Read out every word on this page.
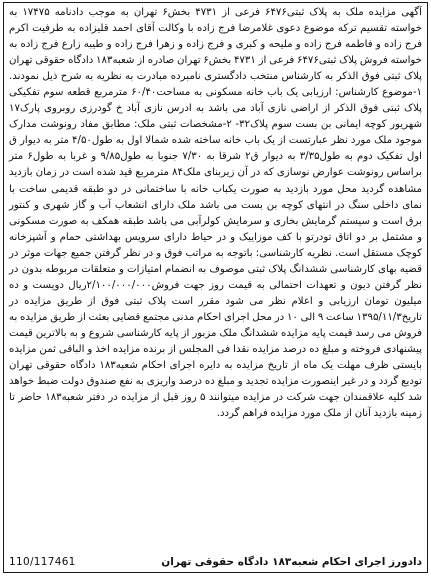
آگهی مزایده ملک به پلاک ثبتی۶۴۷۶ فرعی از ۴۷۳۱ بخش۶ تهران به موجب دادنامه ۱۷۴۷۵ به خواسته تقسیم ترکه موضوع دعوی غلامرضا فرج زاده با وکالت آقای احمد قلیزاده به طرفیت اکرم فرج زاده و فاطمه فرج زاده و ملیحه و کبری و فرج زاده و زهرا فرج زاده و طیبه زارع فرج زاده به خواسته فروش پلاک ثبتی۶۴۷۶ فرعی از ۴۷۳۱ بخش۶ تهران صادره از شعبه۱۸۳ دادگاه حقوقی تهران پلاک ثبتی فوق الذکر به کارشناس منتخب دادگستری نامبرده مبادرت به نظریه به شرح ذیل نمودند. ۱-موضوع کارشناس: ارزیابی یک باب خانه مسکونی به مساحت۶۰/۴۰ مترمربع قطعه سوم تفکیکی پلاک ثبتی فوق الذکر از اراضی نازی آباد می باشد به ادرس نازی آباد خ گودرزی روبروی پارک۱۷ شهریور کوچه ایمانی بن بست سوم پلاک۳۲- ۲-مشخصات ثبتی ملک: مطابق مفاد رونوشت مدارک موجود ملک مورد نظر عبارتست از یک باب خانه ساخته شده شمالا اول به طول۴/۵۰ متر به دیوار ق اول تفکیک دوم به طول۳/۳۵ به دیوار ق۲ شرقا به ۷/۳۰ جنوبا به طول۹/۸۵ و غربا به طول۶ متر براساس رونوشت عوارض نوسازی که در آن زیربنای ملک۸۴ مترمربع قید شده است در زمان بازدید مشاهده گردید محل مورد بازدید به صورت یکباب خانه با ساختمانی در دو طبقه قدیمی ساخت با نمای داخلی سنگ در انتهای کوچه بن بست می باشد ملک دارای انشعاب آب و گاز شهری و کنتور برق است و سیستم گرمایش بخاری و سرمایش کولرآبی می باشد طبقه همکف به صورت مسکونی و مشتمل بر دو اتاق تودرتو با کف موزاییک و در حیاط دارای سرویس بهداشتی حمام و آشپزخانه کوچک مستقل است. نظریه کارشناسی: باتوجه به مراتب فوق و در نظر گرفتن جمیع جهات موثر در قضیه بهای کارشناسی ششدانگ پلاک ثبتی موصوف به انضمام امتیازات و متعلقات مربوطه بدون در نظر گرفتن دیون و تعهدات احتمالی به قیمت روز جهت فروش۲/۱۰۰/۰۰۰/۰۰۰ریال دویست و ده میلیون تومان ارزیابی و اعلام نظر می شود مقرر است پلاک ثبتی فوق از طریق مزایده در تاریخ۱۳۹۵/۱۱/۳ ساعت ۹ الی ۱۰ در محل اجرای احکام مدنی مجتمع قضایی بعثت از طریق مزایده به فروش می رسد قیمت پایه مزایده ششدانگ ملک مزبور از پایه کارشناسی شروع و به بالاترین قیمت پیشنهادی فروخته و مبلغ ده درصد مزایده نقدا فی المجلس از برنده مزایده اخذ و الباقی ثمن مزایده بایستی ظرف مهلت یک ماه از تاریخ مزایده به دایره اجرای احکام شعبه۱۸۳ دادگاه حقوقی تهران تودیع گردد و در غیر اینصورت مزایده تجدید و مبلغ ده درصد واریزی به نفع صندوق دولت ضبط خواهد شد کلیه علاقمندان جهت شرکت در مزایده میتوانند ۵ روز قبل از مزایده در دفتر شعبه۱۸۳ حاضر تا زمینه بازدید آنان از ملک مورد مزایده فراهم گردد.

دادورز اجرای احکام شعبه۱۸۳ دادگاه حقوقی تهران
110/117461
